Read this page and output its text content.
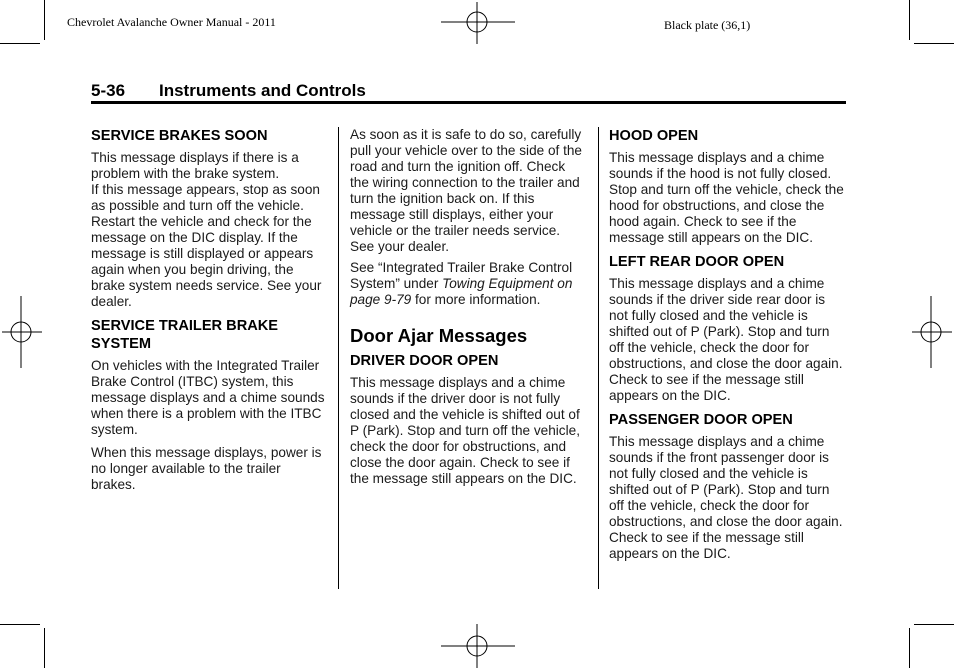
Chevrolet Avalanche Owner Manual - 2011	Black plate (36,1)
5-36 Instruments and Controls
SERVICE BRAKES SOON

This message displays if there is a problem with the brake system.

If this message appears, stop as soon as possible and turn off the vehicle. Restart the vehicle and check for the message on the DIC display. If the message is still displayed or appears again when you begin driving, the brake system needs service. See your dealer.

SERVICE TRAILER BRAKE SYSTEM

On vehicles with the Integrated Trailer Brake Control (ITBC) system, this message displays and a chime sounds when there is a problem with the ITBC system.

When this message displays, power is no longer available to the trailer brakes.

As soon as it is safe to do so, carefully pull your vehicle over to the side of the road and turn the ignition off. Check the wiring connection to the trailer and turn the ignition back on. If this message still displays, either your vehicle or the trailer needs service. See your dealer.

See “Integrated Trailer Brake Control System” under Towing Equipment on page 9-79 for more information.

Door Ajar Messages
DRIVER DOOR OPEN

This message displays and a chime sounds if the driver door is not fully closed and the vehicle is shifted out of P (Park). Stop and turn off the vehicle, check the door for obstructions, and close the door again. Check to see if the message still appears on the DIC.

HOOD OPEN

This message displays and a chime sounds if the hood is not fully closed. Stop and turn off the vehicle, check the hood for obstructions, and close the hood again. Check to see if the message still appears on the DIC.

LEFT REAR DOOR OPEN

This message displays and a chime sounds if the driver side rear door is not fully closed and the vehicle is shifted out of P (Park). Stop and turn off the vehicle, check the door for obstructions, and close the door again. Check to see if the message still appears on the DIC.

PASSENGER DOOR OPEN

This message displays and a chime sounds if the front passenger door is not fully closed and the vehicle is shifted out of P (Park). Stop and turn off the vehicle, check the door for obstructions, and close the door again. Check to see if the message still appears on the DIC.
